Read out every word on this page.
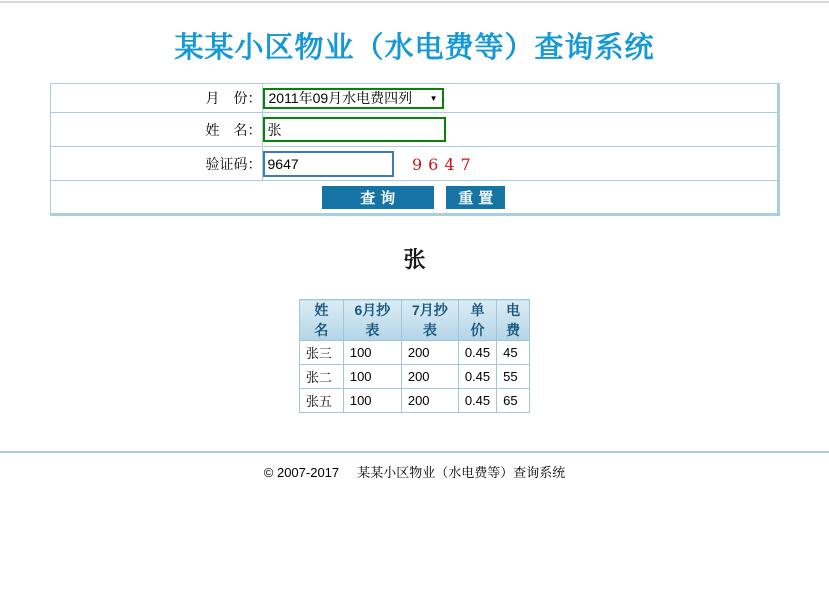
某某小区物业（水电费等）查询系统
月　份：	2011年09月水电费四列 ▼

姓　名：	张
验证码：	96479647
查询 重置	
张
姓名	6月抄表	7月抄表	单价	电费
张三	100	200	0.45	45
张二	100	200	0.45	55
张五	100	200	0.45	65
© 2007-2017     某某小区物业（水电费等）查询系统
